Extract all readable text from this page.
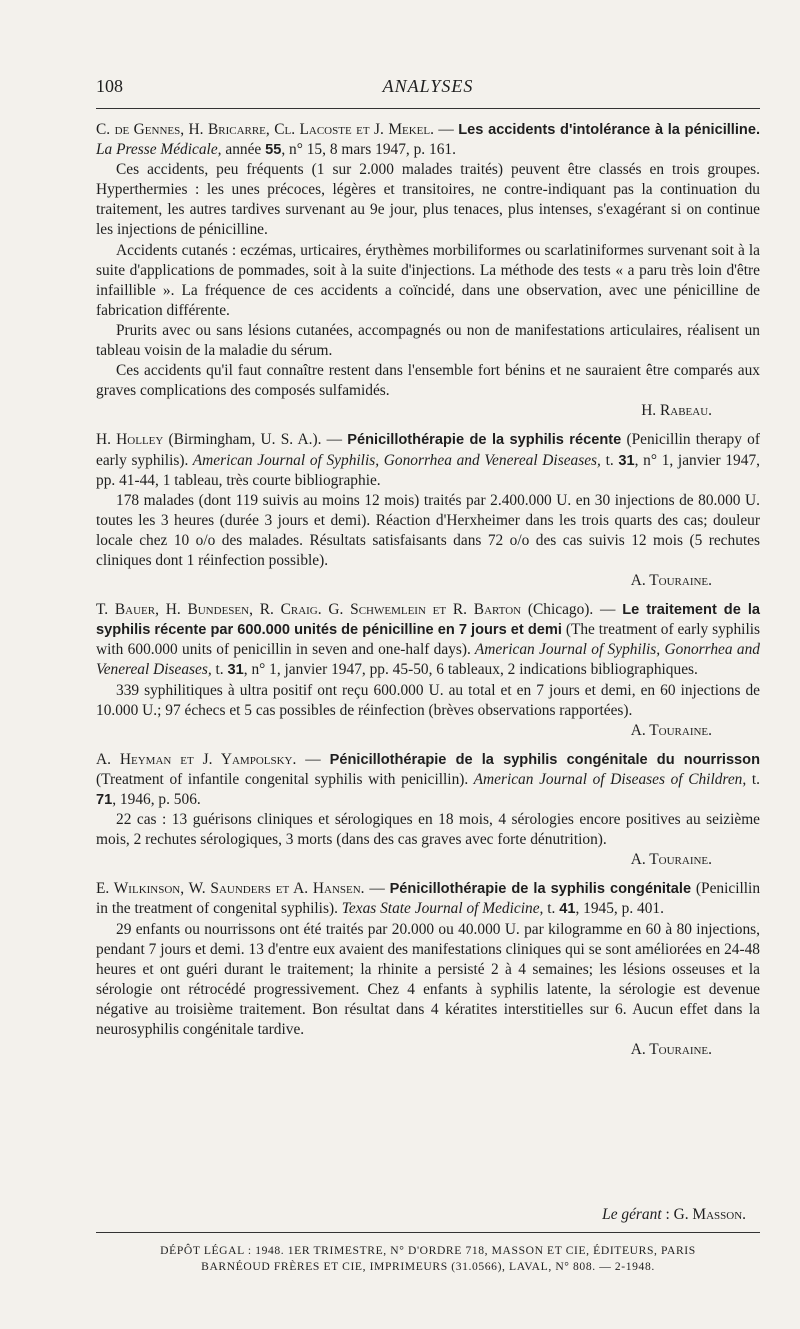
108	ANALYSES

C. de Gennes, H. Bricarre, Cl. Lacoste et J. Mekel. — Les accidents d'intolérance à la pénicilline. La Presse Médicale, année 55, n° 15, 8 mars 1947, p. 161.

Ces accidents, peu fréquents (1 sur 2.000 malades traités) peuvent être classés en trois groupes. Hyperthermies : les unes précoces, légères et transitoires, ne contre-indiquant pas la continuation du traitement, les autres tardives survenant au 9e jour, plus tenaces, plus intenses, s'exagérant si on continue les injections de pénicilline.

Accidents cutanés : eczémas, urticaires, érythèmes morbiliformes ou scarlatiniformes survenant soit à la suite d'applications de pommades, soit à la suite d'injections. La méthode des tests « a paru très loin d'être infaillible ». La fréquence de ces accidents a coïncidé, dans une observation, avec une pénicilline de fabrication différente.

Prurits avec ou sans lésions cutanées, accompagnés ou non de manifestations articulaires, réalisent un tableau voisin de la maladie du sérum.

Ces accidents qu'il faut connaître restent dans l'ensemble fort bénins et ne sauraient être comparés aux graves complications des composés sulfamidés.

H. Rabeau.

H. Holley (Birmingham, U. S. A.). — Pénicillothérapie de la syphilis récente (Penicillin therapy of early syphilis). American Journal of Syphilis, Gonorrhea and Venereal Diseases, t. 31, n° 1, janvier 1947, pp. 41-44, 1 tableau, très courte bibliographie.

178 malades (dont 119 suivis au moins 12 mois) traités par 2.400.000 U. en 30 injections de 80.000 U. toutes les 3 heures (durée 3 jours et demi). Réaction d'Herxheimer dans les trois quarts des cas; douleur locale chez 10 o/o des malades. Résultats satisfaisants dans 72 o/o des cas suivis 12 mois (5 rechutes cliniques dont 1 réinfection possible).

A. Touraine.

T. Bauer, H. Bundesen, R. Craig. G. Schwemlein et R. Barton (Chicago). — Le traitement de la syphilis récente par 600.000 unités de pénicilline en 7 jours et demi (The treatment of early syphilis with 600.000 units of penicillin in seven and one-half days). American Journal of Syphilis, Gonorrhea and Venereal Diseases, t. 31, n° 1, janvier 1947, pp. 45-50, 6 tableaux, 2 indications bibliographiques.

339 syphilitiques à ultra positif ont reçu 600.000 U. au total et en 7 jours et demi, en 60 injections de 10.000 U.; 97 échecs et 5 cas possibles de réinfection (brèves observations rapportées).

A. Touraine.

A. Heyman et J. Yampolsky. — Pénicillothérapie de la syphilis congénitale du nourrisson (Treatment of infantile congenital syphilis with penicillin). American Journal of Diseases of Children, t. 71, 1946, p. 506.

22 cas : 13 guérisons cliniques et sérologiques en 18 mois, 4 sérologies encore positives au seizième mois, 2 rechutes sérologiques, 3 morts (dans des cas graves avec forte dénutrition).

A. Touraine.

E. Wilkinson, W. Saunders et A. Hansen. — Pénicillothérapie de la syphilis congénitale (Penicillin in the treatment of congenital syphilis). Texas State Journal of Medicine, t. 41, 1945, p. 401.

29 enfants ou nourrissons ont été traités par 20.000 ou 40.000 U. par kilogramme en 60 à 80 injections, pendant 7 jours et demi. 13 d'entre eux avaient des manifestations cliniques qui se sont améliorées en 24-48 heures et ont guéri durant le traitement; la rhinite a persisté 2 à 4 semaines; les lésions osseuses et la sérologie ont rétrocédé progressivement. Chez 4 enfants à syphilis latente, la sérologie est devenue négative au troisième traitement. Bon résultat dans 4 kératites interstitielles sur 6. Aucun effet dans la neurosyphilis congénitale tardive.

A. Touraine.

Le gérant : G. Masson.
DÉPÔT LÉGAL : 1948. 1ER TRIMESTRE, N° D'ORDRE 718, MASSON ET CIE, ÉDITEURS, PARIS
BARNÉOUD FRÈRES ET CIE, IMPRIMEURS (31.0566), LAVAL, N° 808. — 2-1948.
